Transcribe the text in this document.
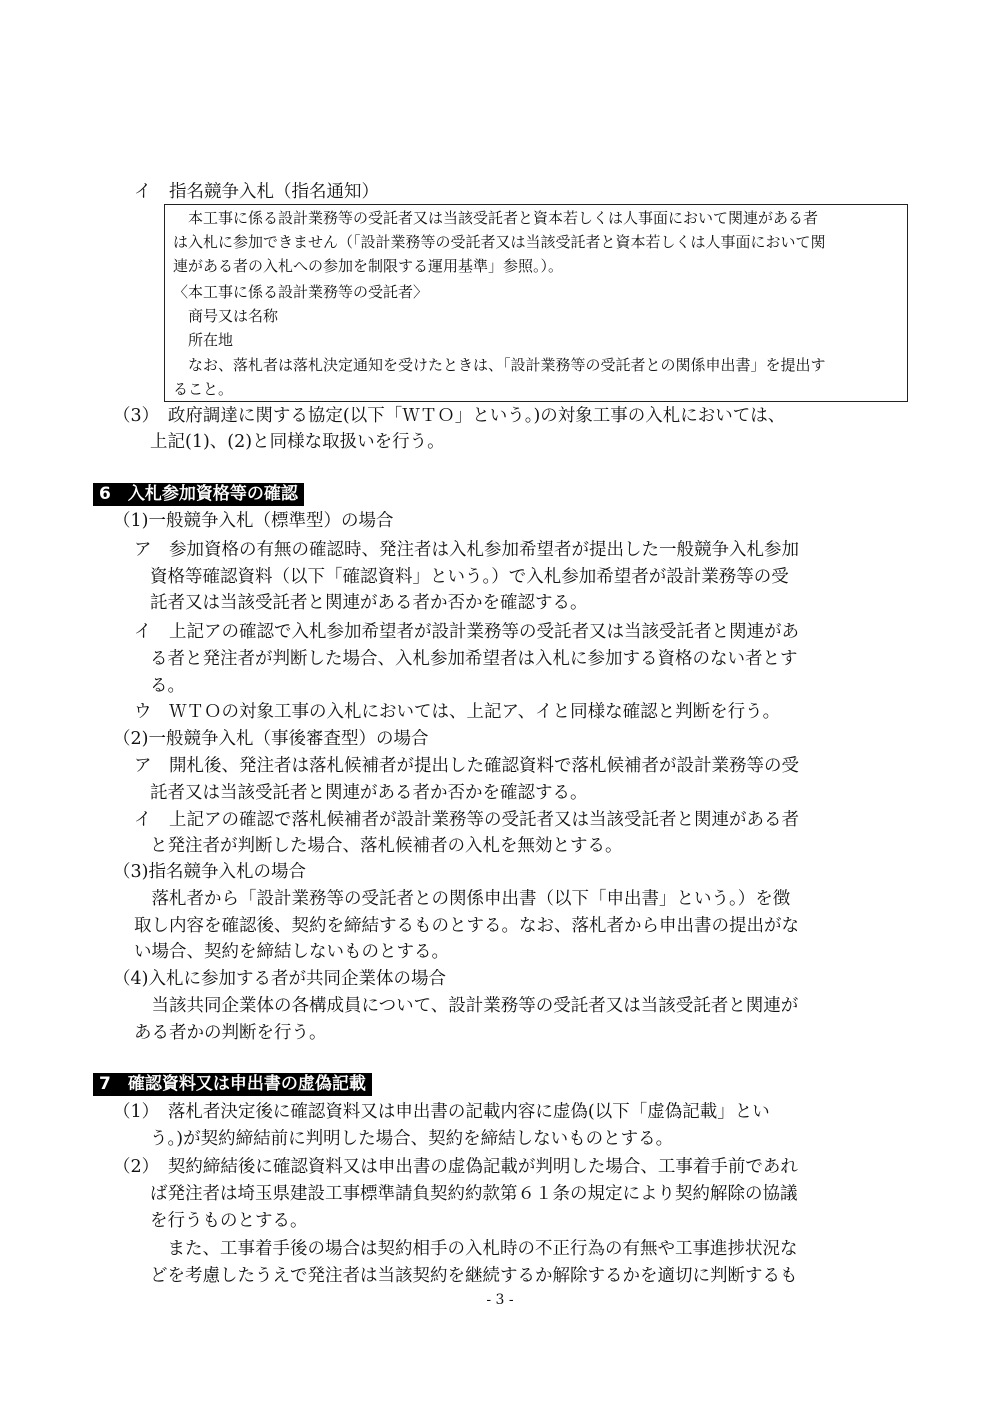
イ　指名競争入札（指名通知）
　本工事に係る設計業務等の受託者又は当該受託者と資本若しくは人事面において関連がある者
は入札に参加できません（「設計業務等の受託者又は当該受託者と資本若しくは人事面において関
連がある者の入札への参加を制限する運用基準」参照。）。
〈本工事に係る設計業務等の受託者〉
　商号又は名称
　所在地
　なお、落札者は落札決定通知を受けたときは、「設計業務等の受託者との関係申出書」を提出す
ること。
（3）　政府調達に関する協定(以下「ＷＴＯ」という。)の対象工事の入札においては、
上記(1)、(2)と同様な取扱いを行う。
6　入札参加資格等の確認
（1)一般競争入札（標準型）の場合
ア　参加資格の有無の確認時、発注者は入札参加希望者が提出した一般競争入札参加
資格等確認資料（以下「確認資料」という。）で入札参加希望者が設計業務等の受
託者又は当該受託者と関連がある者か否かを確認する。
イ　上記アの確認で入札参加希望者が設計業務等の受託者又は当該受託者と関連があ
る者と発注者が判断した場合、入札参加希望者は入札に参加する資格のない者とす
る。
ウ　ＷＴＯの対象工事の入札においては、上記ア、イと同様な確認と判断を行う。
（2)一般競争入札（事後審査型）の場合
ア　開札後、発注者は落札候補者が提出した確認資料で落札候補者が設計業務等の受
託者又は当該受託者と関連がある者か否かを確認する。
イ　上記アの確認で落札候補者が設計業務等の受託者又は当該受託者と関連がある者
と発注者が判断した場合、落札候補者の入札を無効とする。
（3)指名競争入札の場合
　落札者から「設計業務等の受託者との関係申出書（以下「申出書」という。）を徴
取し内容を確認後、契約を締結するものとする。なお、落札者から申出書の提出がな
い場合、契約を締結しないものとする。
（4)入札に参加する者が共同企業体の場合
　当該共同企業体の各構成員について、設計業務等の受託者又は当該受託者と関連が
ある者かの判断を行う。
7　確認資料又は申出書の虚偽記載
（1）　落札者決定後に確認資料又は申出書の記載内容に虚偽(以下「虚偽記載」とい
う。)が契約締結前に判明した場合、契約を締結しないものとする。
（2）　契約締結後に確認資料又は申出書の虚偽記載が判明した場合、工事着手前であれ
ば発注者は埼玉県建設工事標準請負契約約款第６１条の規定により契約解除の協議
を行うものとする。
　また、工事着手後の場合は契約相手の入札時の不正行為の有無や工事進捗状況な
どを考慮したうえで発注者は当該契約を継続するか解除するかを適切に判断するも
- 3 -
